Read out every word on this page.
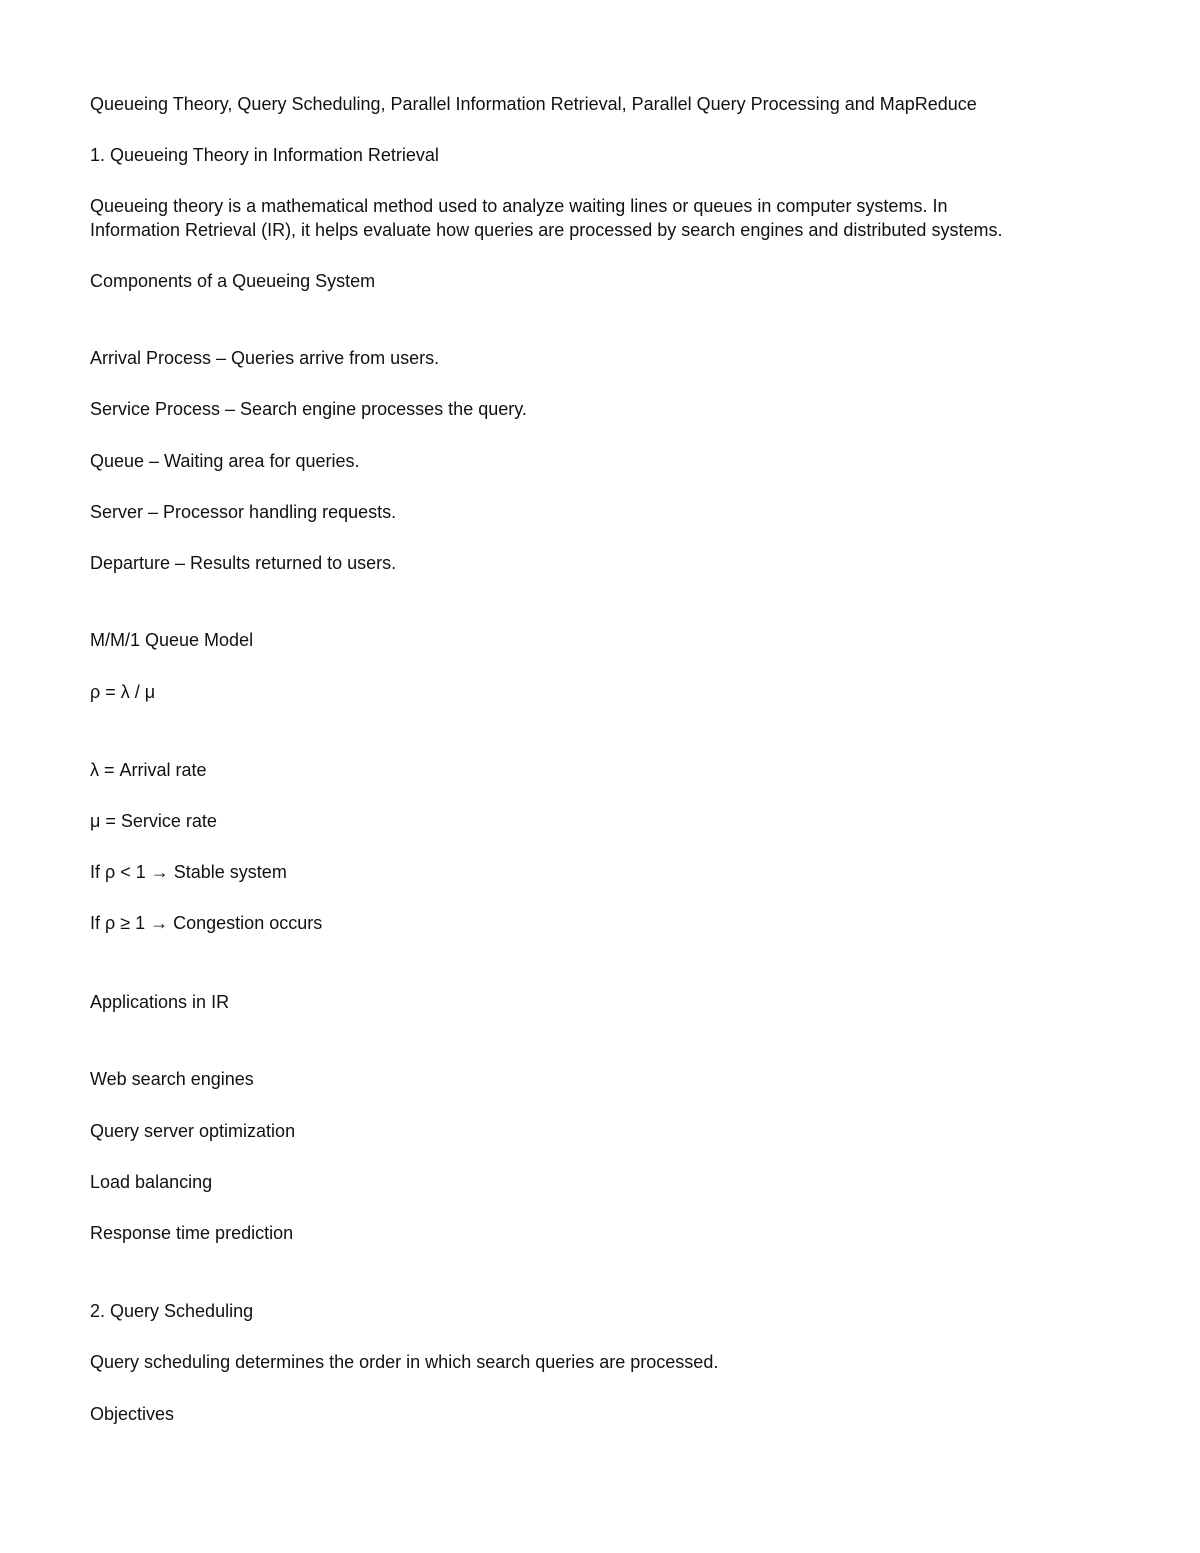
Queueing Theory, Query Scheduling, Parallel Information Retrieval, Parallel Query Processing and MapReduce

1. Queueing Theory in Information Retrieval

Queueing theory is a mathematical method used to analyze waiting lines or queues in computer systems. In

Information Retrieval (IR), it helps evaluate how queries are processed by search engines and distributed systems.

Components of a Queueing System

Arrival Process – Queries arrive from users.

Service Process – Search engine processes the query.

Queue – Waiting area for queries.

Server – Processor handling requests.

Departure – Results returned to users.

M/M/1 Queue Model

ρ = λ / μ

λ = Arrival rate

μ = Service rate

If ρ < 1 → Stable system

If ρ ≥ 1 → Congestion occurs

Applications in IR

Web search engines

Query server optimization

Load balancing

Response time prediction

2. Query Scheduling

Query scheduling determines the order in which search queries are processed.

Objectives
